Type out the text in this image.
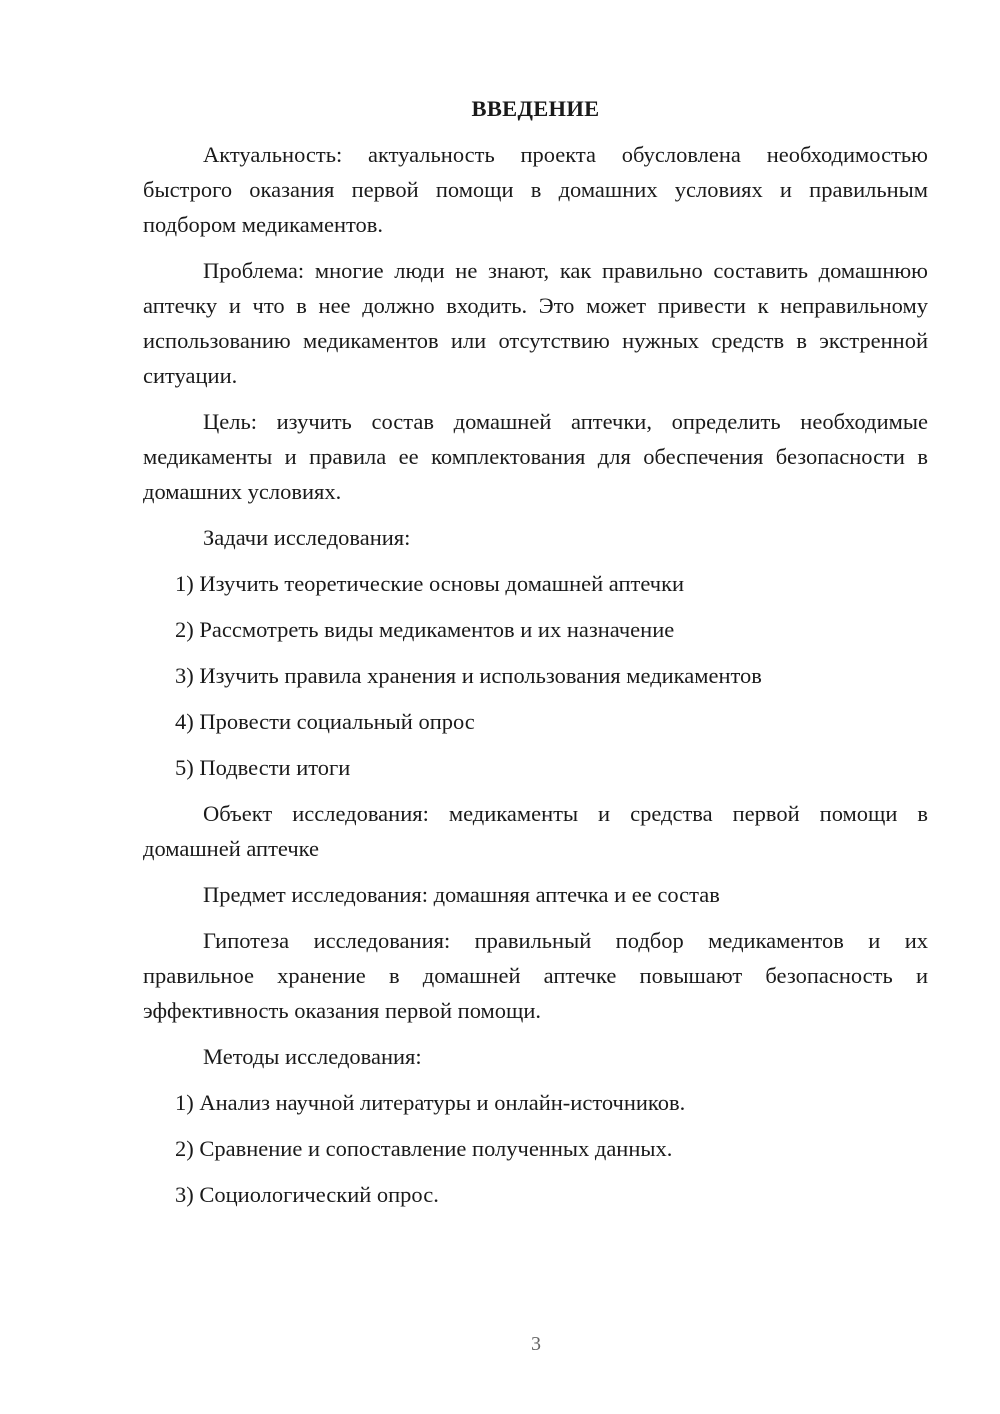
ВВЕДЕНИЕ

Актуальность: актуальность проекта обусловлена необходимостью быстрого оказания первой помощи в домашних условиях и правильным подбором медикаментов.

Проблема: многие люди не знают, как правильно составить домашнюю аптечку и что в нее должно входить. Это может привести к неправильному использованию медикаментов или отсутствию нужных средств в экстренной ситуации.

Цель: изучить состав домашней аптечки, определить необходимые медикаменты и правила ее комплектования для обеспечения безопасности в домашних условиях.

Задачи исследования:

1) Изучить теоретические основы домашней аптечки
2) Рассмотреть виды медикаментов и их назначение
3) Изучить правила хранения и использования медикаментов
4) Провести социальный опрос
5) Подвести итоги

Объект исследования: медикаменты и средства первой помощи в домашней аптечке

Предмет исследования: домашняя аптечка и ее состав

Гипотеза исследования: правильный подбор медикаментов и их правильное хранение в домашней аптечке повышают безопасность и эффективность оказания первой помощи.

Методы исследования:

1) Анализ научной литературы и онлайн-источников.
2) Сравнение и сопоставление полученных данных.
3) Социологический опрос.
3
